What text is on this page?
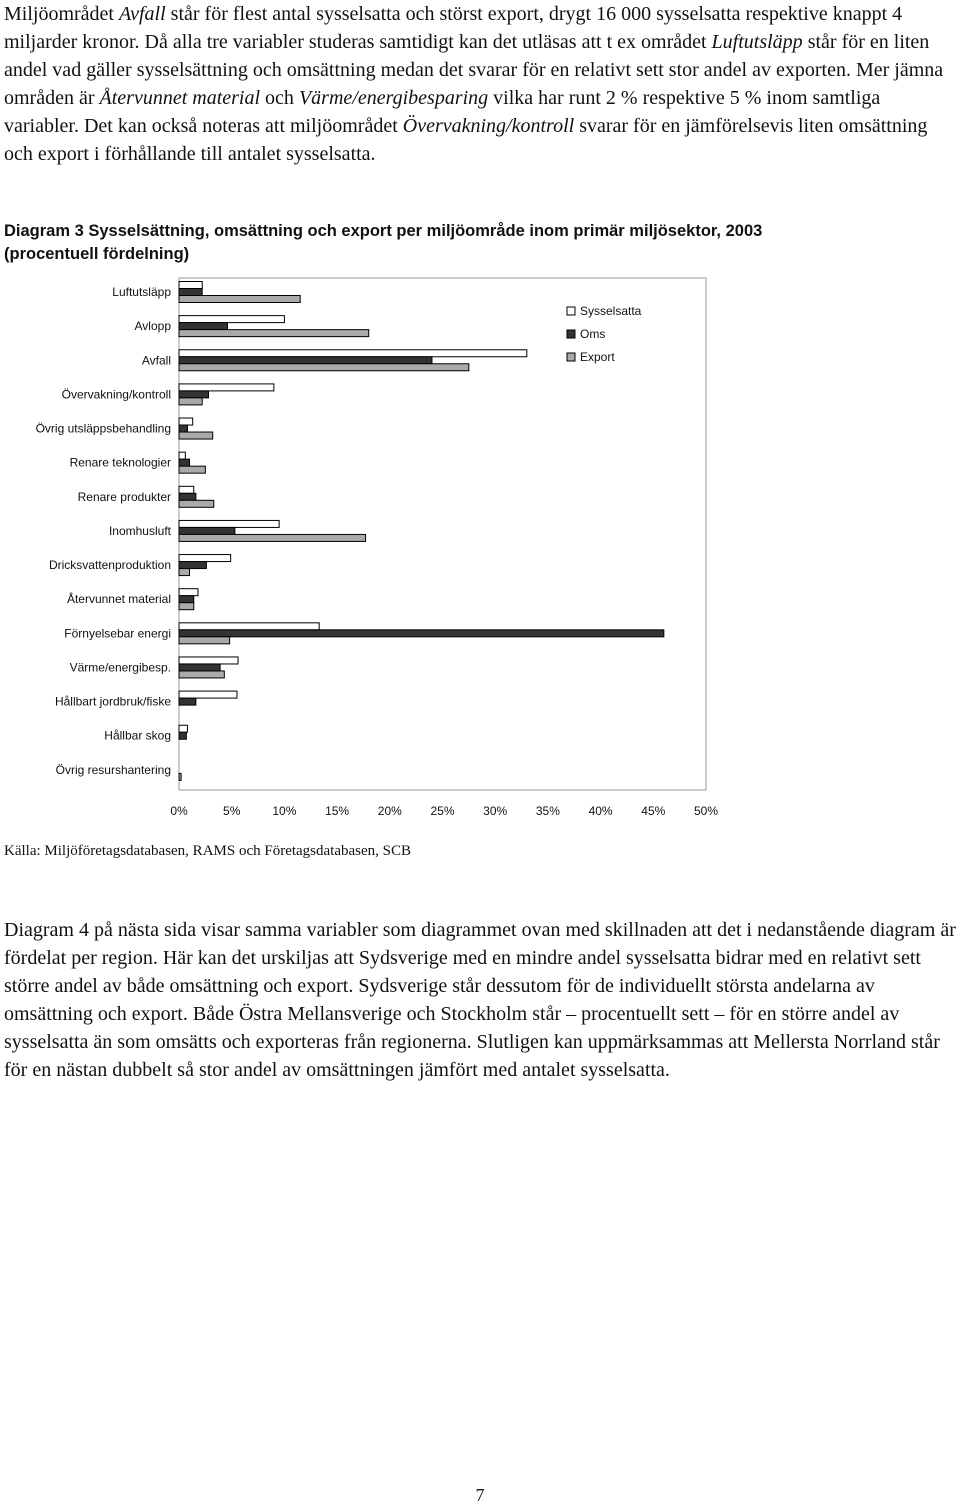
Miljöområdet Avfall står för flest antal sysselsatta och störst export, drygt 16 000 sysselsatta respektive knappt 4 miljarder kronor. Då alla tre variabler studeras samtidigt kan det utläsas att t ex området Luftutsläpp står för en liten andel vad gäller sysselsättning och omsättning medan det svarar för en relativt sett stor andel av exporten. Mer jämna områden är Återvunnet material och Värme/energibesparing vilka har runt 2 % respektive 5 % inom samtliga variabler. Det kan också noteras att miljöområdet Övervakning/kontroll svarar för en jämförelsevis liten omsättning och export i förhållande till antalet sysselsatta.

Diagram 3 Sysselsättning, omsättning och export per miljöområde inom primär miljösektor, 2003
(procentuell fördelning)
Luftutsläpp
Avlopp
Avfall
Övervakning/kontroll
Övrig utsläppsbehandling
Renare teknologier
Renare produkter
Inomhusluft
Dricksvattenproduktion
Återvunnet material
Förnyelsebar energi
Värme/energibesp.
Hållbart jordbruk/fiske
Hållbar skog
Övrig resurshantering
0%	5%	10% 15% 20% 25% 30% 35% 40% 45% 50%
Sysselsatta
Oms
Export
Källa: Miljöföretagsdatabasen, RAMS och Företagsdatabasen, SCB

Diagram 4 på nästa sida visar samma variabler som diagrammet ovan med skillnaden att det i nedanstående diagram är fördelat per region. Här kan det urskiljas att Sydsverige med en mindre andel sysselsatta bidrar med en relativt sett större andel av både omsättning och export. Sydsverige står dessutom för de individuellt största andelarna av omsättning och export. Både Östra Mellansverige och Stockholm står – procentuellt sett – för en större andel av sysselsatta än som omsätts och exporteras från regionerna. Slutligen kan uppmärksammas att Mellersta Norrland står för en nästan dubbelt så stor andel av omsättningen jämfört med antalet sysselsatta.

7
